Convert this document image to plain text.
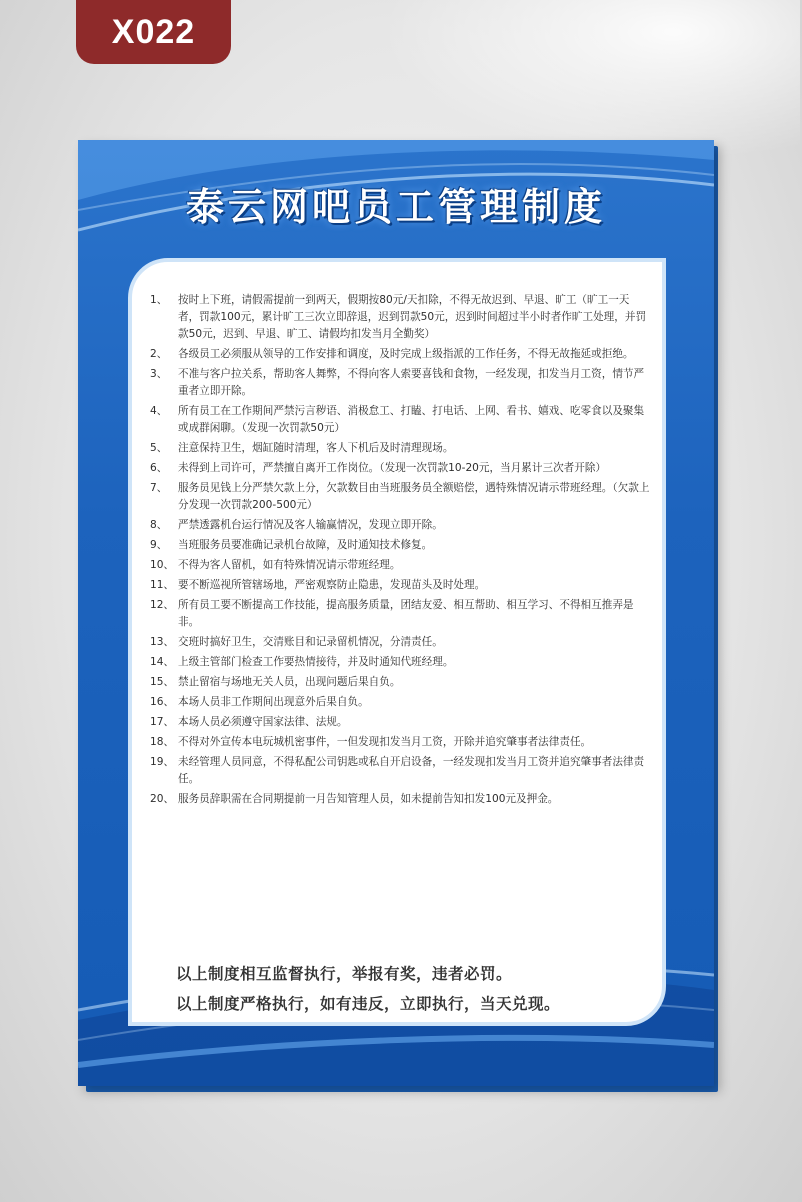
X022
泰云网吧员工管理制度
1、	按时上下班，请假需提前一到两天，假期按80元/天扣除，不得无故迟到、早退、旷工（旷工一天者，罚款100元，累计旷工三次立即辞退，迟到罚款50元，迟到时间超过半小时者作旷工处理，并罚款50元，迟到、早退、旷工、请假均扣发当月全勤奖）
2、	各级员工必须服从领导的工作安排和调度，及时完成上级指派的工作任务，不得无故拖延或拒绝。
3、	不准与客户拉关系，帮助客人舞弊，不得向客人索要喜钱和食物，一经发现，扣发当月工资，情节严重者立即开除。
4、	所有员工在工作期间严禁污言秽语、消极怠工、打瞌、打电话、上网、看书、嬉戏、吃零食以及聚集或成群闲聊。（发现一次罚款50元）
5、	注意保持卫生，烟缸随时清理，客人下机后及时清理现场。
6、	未得到上司许可，严禁擅自离开工作岗位。（发现一次罚款10-20元，当月累计三次者开除）
7、	服务员见钱上分严禁欠款上分，欠款数目由当班服务员全额赔偿，遇特殊情况请示带班经理。（欠款上分发现一次罚款200-500元）
8、	严禁透露机台运行情况及客人输赢情况，发现立即开除。
9、	当班服务员要准确记录机台故障，及时通知技术修复。
10、 不得为客人留机，如有特殊情况请示带班经理。
11、 要不断巡视所管辖场地，严密观察防止隐患，发现苗头及时处理。
12、 所有员工要不断提高工作技能，提高服务质量，团结友爱、相互帮助、相互学习、不得相互推弄是非。
13、 交班时搞好卫生，交清账目和记录留机情况，分清责任。
14、 上级主管部门检查工作要热情接待，并及时通知代班经理。
15、 禁止留宿与场地无关人员，出现问题后果自负。
16、 本场人员非工作期间出现意外后果自负。
17、 本场人员必须遵守国家法律、法规。
18、 不得对外宣传本电玩城机密事件，一但发现扣发当月工资，开除并追究肇事者法律责任。
19、 未经管理人员同意，不得私配公司钥匙或私自开启设备，一经发现扣发当月工资并追究肇事者法律责任。
20、 服务员辞职需在合同期提前一月告知管理人员，如未提前告知扣发100元及押金。
以上制度相互监督执行，举报有奖，违者必罚。
以上制度严格执行，如有违反，立即执行，当天兑现。
